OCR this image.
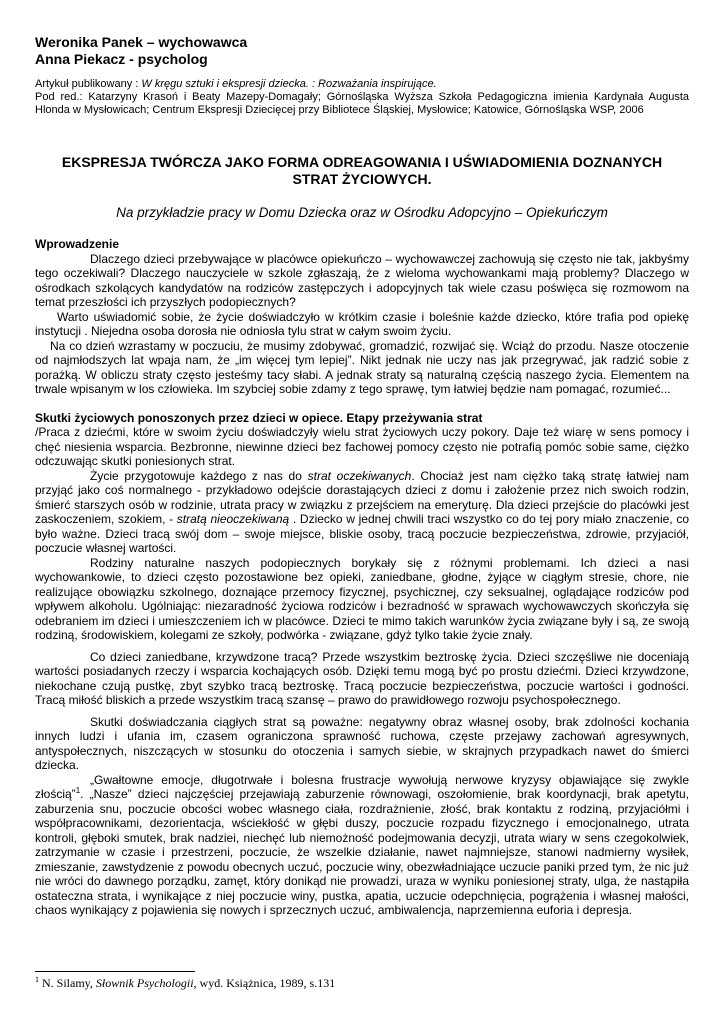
Weronika Panek – wychowawca
Anna Piekacz - psycholog

Artykuł publikowany : W kręgu sztuki i ekspresji dziecka. : Rozważania inspirujące.

Pod red.: Katarzyny Krasoń i Beaty Mazepy-Domagały; Górnośląska Wyższa Szkoła Pedagogiczna imienia Kardynała Augusta Hlonda w Mysłowicach; Centrum Ekspresji Dziecięcej przy Bibliotece Śląskiej, Mysłowice; Katowice, Górnośląska WSP, 2006

EKSPRESJA TWÓRCZA JAKO FORMA ODREAGOWANIA I UŚWIADOMIENIA DOZNANYCH STRAT ŻYCIOWYCH.
Na przykładzie pracy w Domu Dziecka oraz w Ośrodku Adopcyjno – Opiekuńczym
Wprowadzenie

Dlaczego dzieci przebywające w placówce opiekuńczo – wychowawczej zachowują się często nie tak, jakbyśmy tego oczekiwali? Dlaczego nauczyciele w szkole zgłaszają, że z wieloma wychowankami mają problemy? Dlaczego w ośrodkach szkolących kandydatów na rodziców zastępczych i adopcyjnych tak wiele czasu poświęca się rozmowom na temat przeszłości ich przyszłych podopiecznych?

Warto uświadomić sobie, że życie doświadczyło w krótkim czasie i boleśnie każde dziecko, które trafia pod opiekę instytucji . Niejedna osoba dorosła nie odniosła tylu strat w całym swoim życiu.

Na co dzień wzrastamy w poczuciu, że musimy zdobywać, gromadzić, rozwijać się. Wciąż do przodu. Nasze otoczenie od najmłodszych lat wpaja nam, że „im więcej tym lepiej”. Nikt jednak nie uczy nas jak przegrywać, jak radzić sobie z porażką. W obliczu straty często jesteśmy tacy słabi. A jednak straty są naturalną częścią naszego życia. Elementem na trwale wpisanym w los człowieka. Im szybciej sobie zdamy z tego sprawę, tym łatwiej będzie nam pomagać, rozumieć...

Skutki życiowych ponoszonych przez dzieci w opiece. Etapy przeżywania strat

/Praca z dziećmi, które w swoim życiu doświadczyły wielu strat życiowych uczy pokory. Daje też wiarę w sens pomocy i chęć niesienia wsparcia. Bezbronne, niewinne dzieci bez fachowej pomocy często nie potrafią pomóc sobie same, ciężko odczuwając skutki poniesionych strat.

Życie przygotowuje każdego z nas do strat oczekiwanych. Chociaż jest nam ciężko taką stratę łatwiej nam przyjąć jako coś normalnego - przykładowo odejście dorastających dzieci z domu i założenie przez nich swoich rodzin, śmierć starszych osób w rodzinie, utrata pracy w związku z przejściem na emeryturę. Dla dzieci przejście do placówki jest zaskoczeniem, szokiem, - stratą nieoczekiwaną . Dziecko w jednej chwili traci wszystko co do tej pory miało znaczenie, co było ważne. Dzieci tracą swój dom – swoje miejsce, bliskie osoby, tracą poczucie bezpieczeństwa, zdrowie, przyjaciół, poczucie własnej wartości.

Rodziny naturalne naszych podopiecznych borykały się z różnymi problemami. Ich dzieci a nasi wychowankowie, to dzieci często pozostawione bez opieki, zaniedbane, głodne, żyjące w ciągłym stresie, chore, nie realizujące obowiązku szkolnego, doznające przemocy fizycznej, psychicznej, czy seksualnej, oglądające rodziców pod wpływem alkoholu. Ugólniając: niezaradność życiowa rodziców i bezradność w sprawach wychowawczych skończyła się odebraniem im dzieci i umieszczeniem ich w placówce. Dzieci te mimo takich warunków życia związane były i są, ze swoją rodziną, środowiskiem, kolegami ze szkoły, podwórka - związane, gdyż tylko takie życie znały.

Co dzieci zaniedbane, krzywdzone tracą? Przede wszystkim beztroskę życia. Dzieci szczęśliwe nie doceniają wartości posiadanych rzeczy i wsparcia kochających osób. Dzięki temu mogą być po prostu dziećmi. Dzieci krzywdzone, niekochane czują pustkę, zbyt szybko tracą beztroskę. Tracą poczucie bezpieczeństwa, poczucie wartości i godności. Tracą miłość bliskich a przede wszystkim tracą szansę – prawo do prawidłowego rozwoju psychospołecznego.

Skutki doświadczania ciągłych strat są poważne: negatywny obraz własnej osoby, brak zdolności kochania innych ludzi i ufania im, czasem ograniczona sprawność ruchowa, częste przejawy zachowań agresywnych, antyspołecznych, niszczących w stosunku do otoczenia i samych siebie, w skrajnych przypadkach nawet do śmierci dziecka.

„Gwałtowne emocje, długotrwałe i bolesna frustracje wywołują nerwowe kryzysy objawiające się zwykle złością”$^1$. „Nasze” dzieci najczęściej przejawiają zaburzenie równowagi, oszołomienie, brak koordynacji, brak apetytu, zaburzenia snu, poczucie obcości wobec własnego ciała, rozdrażnienie, złość, brak kontaktu z rodziną, przyjaciółmi i współpracownikami, dezorientacja, wściekłość w głębi duszy, poczucie rozpadu fizycznego i emocjonalnego, utrata kontroli, głęboki smutek, brak nadziei, niechęć lub niemożność podejmowania decyzji, utrata wiary w sens czegokolwiek, zatrzymanie w czasie i przestrzeni, poczucie, że wszelkie działanie, nawet najmniejsze, stanowi nadmierny wysiłek, zmieszanie, zawstydzenie z powodu obecnych uczuć, poczucie winy, obezwładniające uczucie paniki przed tym, że nic już nie wróci do dawnego porządku, zamęt, który donikąd nie prowadzi, uraza w wyniku poniesionej straty, ulga, że nastąpiła ostateczna strata, i wynikające z niej poczucie winy, pustka, apatia, uczucie odepchnięcia, pogrążenia i własnej małości, chaos wynikający z pojawienia się nowych i sprzecznych uczuć, ambiwalencja, naprzemienna euforia i depresja.

$^1$ N. Silamy, Słownik Psychologii, wyd. Książnica, 1989, s.131
